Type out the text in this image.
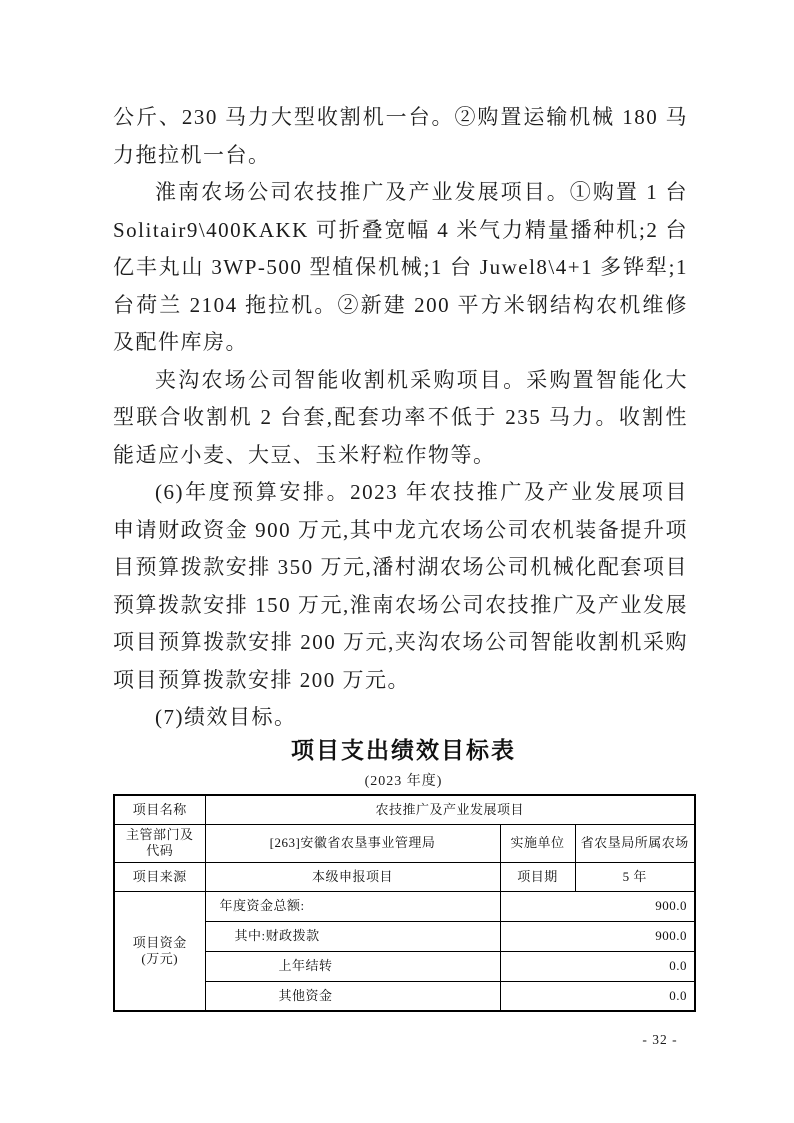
公斤、230 马力大型收割机一台。②购置运输机械 180 马力拖拉机一台。

淮南农场公司农技推广及产业发展项目。①购置 1 台 Solitair9\400KAKK 可折叠宽幅 4 米气力精量播种机;2 台亿丰丸山 3WP-500 型植保机械;1 台 Juwel8\4+1 多铧犁;1 台荷兰 2104 拖拉机。②新建 200 平方米钢结构农机维修及配件库房。

夹沟农场公司智能收割机采购项目。采购置智能化大型联合收割机 2 台套,配套功率不低于 235 马力。收割性能适应小麦、大豆、玉米籽粒作物等。

(6)年度预算安排。2023 年农技推广及产业发展项目申请财政资金 900 万元,其中龙亢农场公司农机装备提升项目预算拨款安排 350 万元,潘村湖农场公司机械化配套项目预算拨款安排 150 万元,淮南农场公司农技推广及产业发展项目预算拨款安排 200 万元,夹沟农场公司智能收割机采购项目预算拨款安排 200 万元。

(7)绩效目标。

项目支出绩效目标表
(2023 年度)
项目名称	农技推广及产业发展项目		
主管部门及代码	[263]安徽省农垦事业管理局	实施单位	省农垦局所属农场
项目来源	本级申报项目	项目期	5 年

项目资金
(万元)	年度资金总额:	900.0	
	其中:财政拨款	900.0	
	上年结转	0.0	
	其他资金	0.0	
- 32 -
